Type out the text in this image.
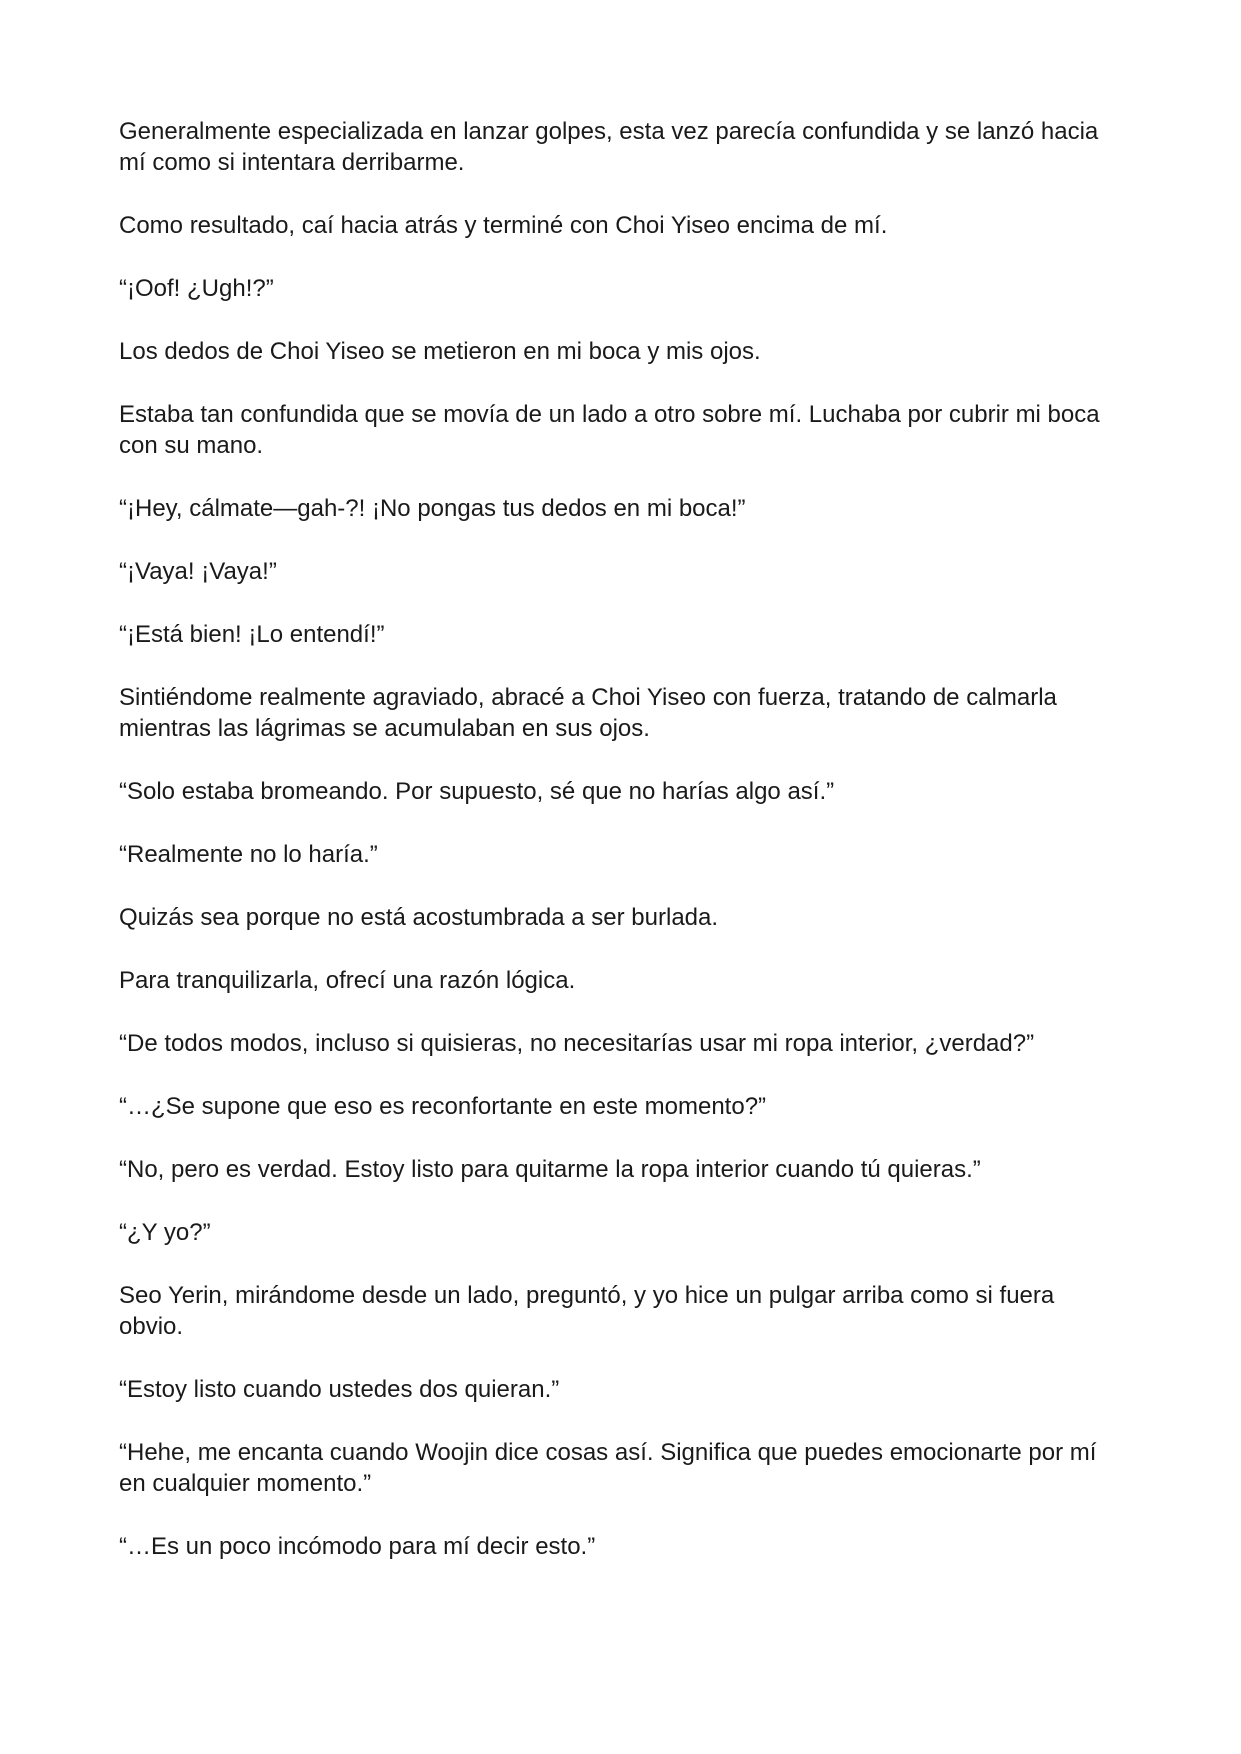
Generalmente especializada en lanzar golpes, esta vez parecía confundida y se lanzó hacia mí como si intentara derribarme.

Como resultado, caí hacia atrás y terminé con Choi Yiseo encima de mí.

“¡Oof! ¿Ugh!?”

Los dedos de Choi Yiseo se metieron en mi boca y mis ojos.

Estaba tan confundida que se movía de un lado a otro sobre mí. Luchaba por cubrir mi boca con su mano.

“¡Hey, cálmate—gah-?! ¡No pongas tus dedos en mi boca!”

“¡Vaya! ¡Vaya!”

“¡Está bien! ¡Lo entendí!”

Sintiéndome realmente agraviado, abracé a Choi Yiseo con fuerza, tratando de calmarla mientras las lágrimas se acumulaban en sus ojos.

“Solo estaba bromeando. Por supuesto, sé que no harías algo así.”

“Realmente no lo haría.”

Quizás sea porque no está acostumbrada a ser burlada.

Para tranquilizarla, ofrecí una razón lógica.

“De todos modos, incluso si quisieras, no necesitarías usar mi ropa interior, ¿verdad?”

“…¿Se supone que eso es reconfortante en este momento?”

“No, pero es verdad. Estoy listo para quitarme la ropa interior cuando tú quieras.”

“¿Y yo?”

Seo Yerin, mirándome desde un lado, preguntó, y yo hice un pulgar arriba como si fuera obvio.

“Estoy listo cuando ustedes dos quieran.”

“Hehe, me encanta cuando Woojin dice cosas así. Significa que puedes emocionarte por mí en cualquier momento.”

“…Es un poco incómodo para mí decir esto.”
